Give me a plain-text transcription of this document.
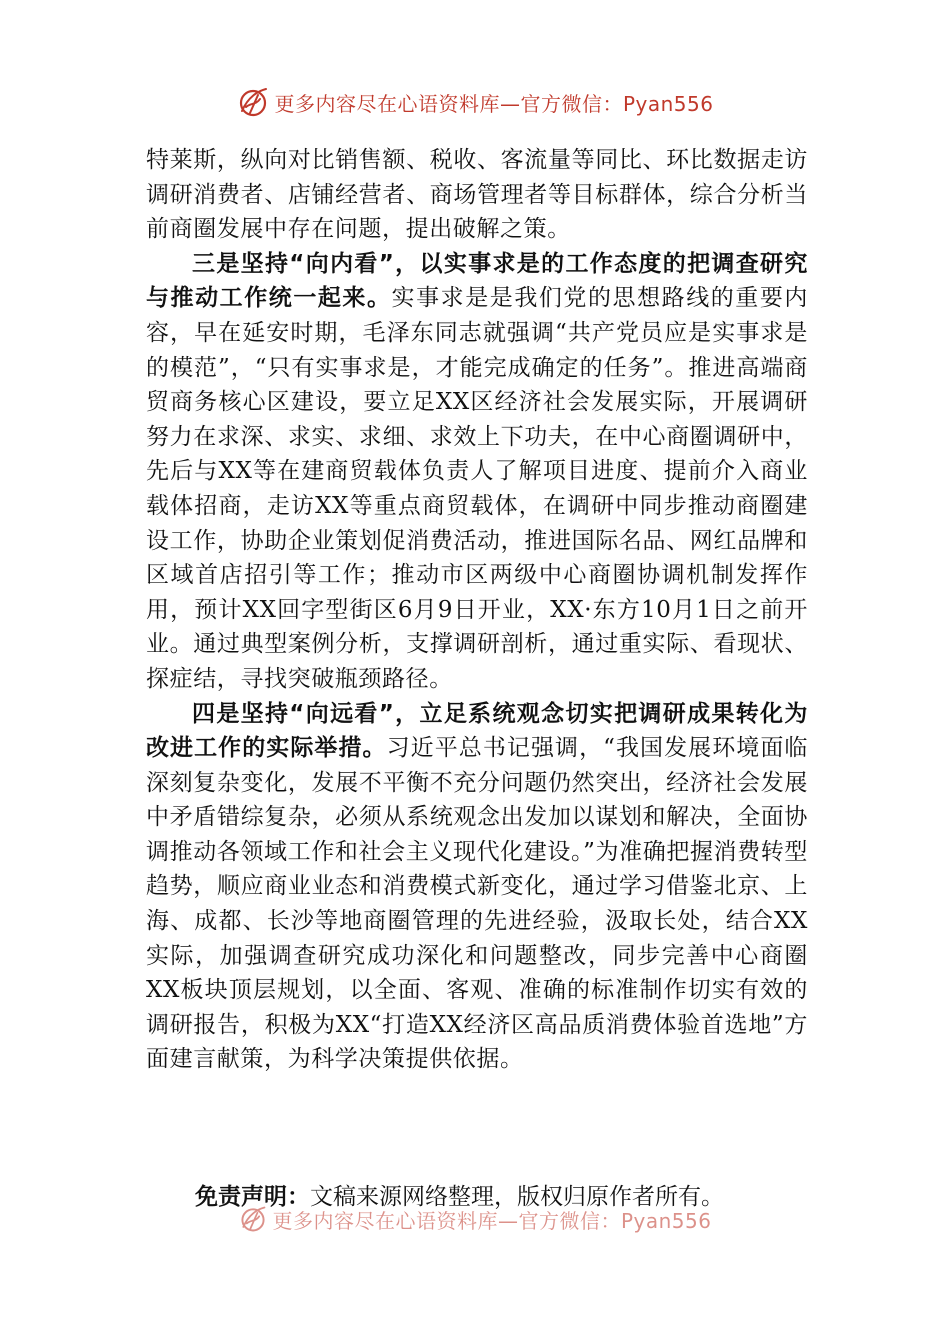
更多内容尽在心语资料库—官方微信：Pyan556

特莱斯，纵向对比销售额、税收、客流量等同比、环比数据走访调研消费者、店铺经营者、商场管理者等目标群体，综合分析当前商圈发展中存在问题，提出破解之策。

三是坚持“向内看”，以实事求是的工作态度的把调查研究与推动工作统一起来。实事求是是我们党的思想路线的重要内容，早在延安时期，毛泽东同志就强调“共产党员应是实事求是的模范”，“只有实事求是，才能完成确定的任务”。推进高端商贸商务核心区建设，要立足XX区经济社会发展实际，开展调研努力在求深、求实、求细、求效上下功夫，在中心商圈调研中，先后与XX等在建商贸载体负责人了解项目进度、提前介入商业载体招商，走访XX等重点商贸载体，在调研中同步推动商圈建设工作，协助企业策划促消费活动，推进国际名品、网红品牌和区域首店招引等工作；推动市区两级中心商圈协调机制发挥作用，预计XX回字型街区6月9日开业，XX·东方10月1日之前开业。通过典型案例分析，支撑调研剖析，通过重实际、看现状、探症结，寻找突破瓶颈路径。

四是坚持“向远看”，立足系统观念切实把调研成果转化为改进工作的实际举措。习近平总书记强调，“我国发展环境面临深刻复杂变化，发展不平衡不充分问题仍然突出，经济社会发展中矛盾错综复杂，必须从系统观念出发加以谋划和解决，全面协调推动各领域工作和社会主义现代化建设。”为准确把握消费转型趋势，顺应商业业态和消费模式新变化，通过学习借鉴北京、上海、成都、长沙等地商圈管理的先进经验，汲取长处，结合XX实际，加强调查研究成功深化和问题整改，同步完善中心商圈XX板块顶层规划，以全面、客观、准确的标准制作切实有效的调研报告，积极为XX“打造XX经济区高品质消费体验首选地”方面建言献策，为科学决策提供依据。

免责声明：文稿来源网络整理，版权归原作者所有。
更多内容尽在心语资料库—官方微信：Pyan556
